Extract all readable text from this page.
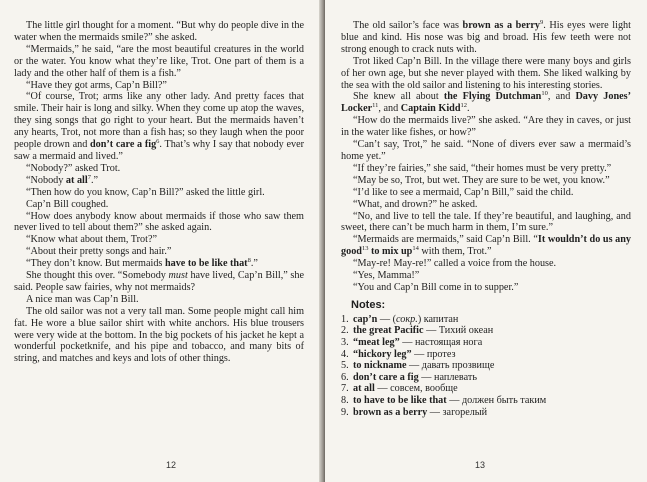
The little girl thought for a moment. “But why do people dive in the water when the mermaids smile?” she asked.

“Mermaids,” he said, “are the most beautiful creatures in the world or the water. You know what they’re like, Trot. One part of them is a lady and the other half of them is a fish.”

“Have they got arms, Cap’n Bill?”

“Of course, Trot; arms like any other lady. And pretty faces that smile. Their hair is long and silky. When they come up atop the waves, they sing songs that go right to your heart. But the mermaids haven’t any hearts, Trot, not more than a fish has; so they laugh when the poor people drown and don’t care a fig$^6$. That’s why I say that nobody ever saw a mermaid and lived.”

“Nobody?” asked Trot.

“Nobody at all$^7$.”

“Then how do you know, Cap’n Bill?” asked the little girl.

Cap’n Bill coughed.

“How does anybody know about mermaids if those who saw them never lived to tell about them?” she asked again.

“Know what about them, Trot?”

“About their pretty songs and hair.”

“They don’t know. But mermaids have to be like that$^8$.”

She thought this over. “Somebody must have lived, Cap’n Bill,” she said. People saw fairies, why not mermaids?

A nice man was Cap’n Bill.

The old sailor was not a very tall man. Some people might call him fat. He wore a blue sailor shirt with white anchors. His blue trousers were very wide at the bottom. In the big pockets of his jacket he kept a wonderful pocketknife, and his pipe and tobacco, and many bits of string, and matches and keys and lots of other things.

12

The old sailor’s face was brown as a berry$^9$. His eyes were light blue and kind. His nose was big and broad. His few teeth were not strong enough to crack nuts with.

Trot liked Cap’n Bill. In the village there were many boys and girls of her own age, but she never played with them. She liked walking by the sea with the old sailor and listening to his interesting stories.

She knew all about the Flying Dutchman$^{10}$, and Davy Jones’ Locker$^{11}$, and Captain Kidd$^{12}$.

“How do the mermaids live?” she asked. “Are they in caves, or just in the water like fishes, or how?”

“Can’t say, Trot,” he said. “None of divers ever saw a mermaid’s home yet.”

“If they’re fairies,” she said, “their homes must be very pretty.”

“May be so, Trot, but wet. They are sure to be wet, you know.”

“I’d like to see a mermaid, Cap’n Bill,” said the child.

“What, and drown?” he asked.

“No, and live to tell the tale. If they’re beautiful, and laughing, and sweet, there can’t be much harm in them, I’m sure.”

“Mermaids are mermaids,” said Cap’n Bill. “It wouldn’t do us any good$^{13}$ to mix $up^{14}$ with them, Trot.”

“May-re! May-re!” called a voice from the house.

“Yes, Mamma!”

“You and Cap’n Bill come in to supper.”

Notes:

1. cap’n — (сокр.) капитан
2. the great Pacific — Тихий океан
3. “meat leg” — настоящая нога
4. “hickory leg” — протез
5. to nickname — давать прозвище
6. don’t care a fig — наплевать
7. at all — совсем, вообще
8. to have to be like that — должен быть таким
9. brown as a berry — загорелый
13
